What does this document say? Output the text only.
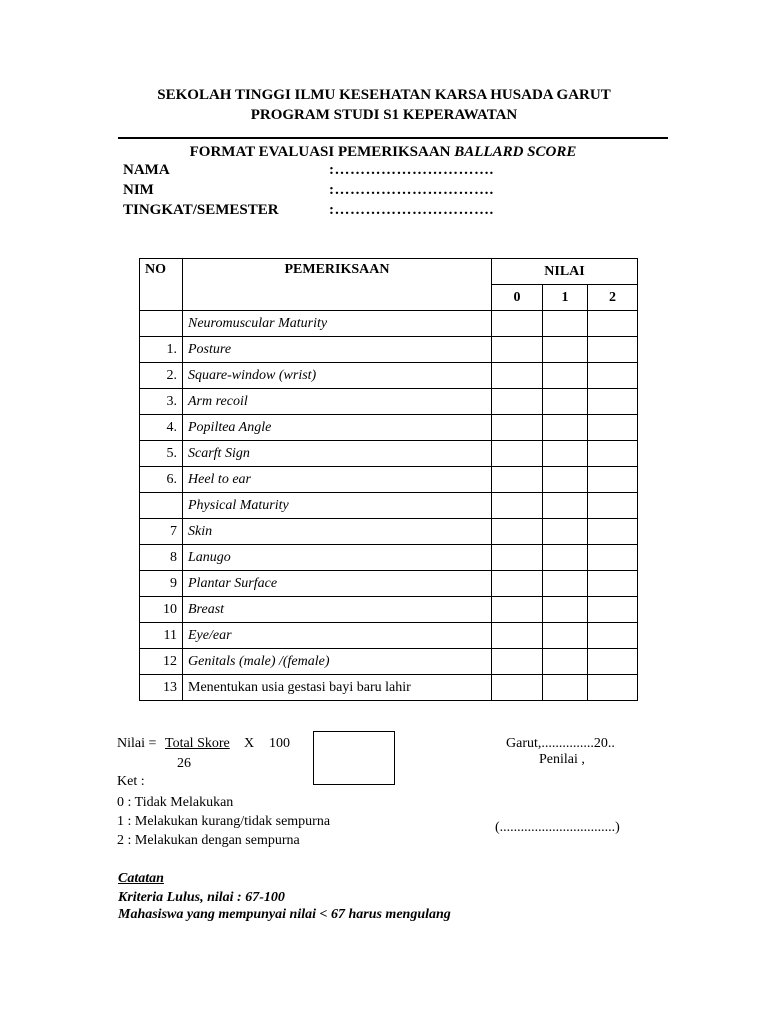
SEKOLAH TINGGI ILMU KESEHATAN KARSA HUSADA GARUT
PROGRAM STUDI S1 KEPERAWATAN
FORMAT EVALUASI PEMERIKSAAN BALLARD SCORE
NAMA	:………………………….
NIM	:………………………….
TINGKAT/SEMESTER	:………………………….
NO	PEMERIKSAAN	NILAI		
		0	1	2
	Neuromuscular Maturity			
1.	Posture			
2.	Square-window (wrist)			
3.	Arm recoil			
4.	Popiltea Angle			
5.	Scarft Sign			
6.	Heel to ear			
	Physical Maturity			
7	Skin			
8	Lanugo			
9	Plantar Surface			
10	Breast			
11	Eye/ear			
12	Genitals (male) /(female)			
13	Menentukan usia gestasi bayi baru lahir			
Nilai = Total Skore X 100
26
Garut,...............20..
Penilai ,
(.................................)
Ket :
0 : Tidak Melakukan
1 : Melakukan kurang/tidak sempurna
2 : Melakukan dengan sempurna
Catatan
Kriteria Lulus, nilai : 67-100
Mahasiswa yang mempunyai nilai < 67 harus mengulang
